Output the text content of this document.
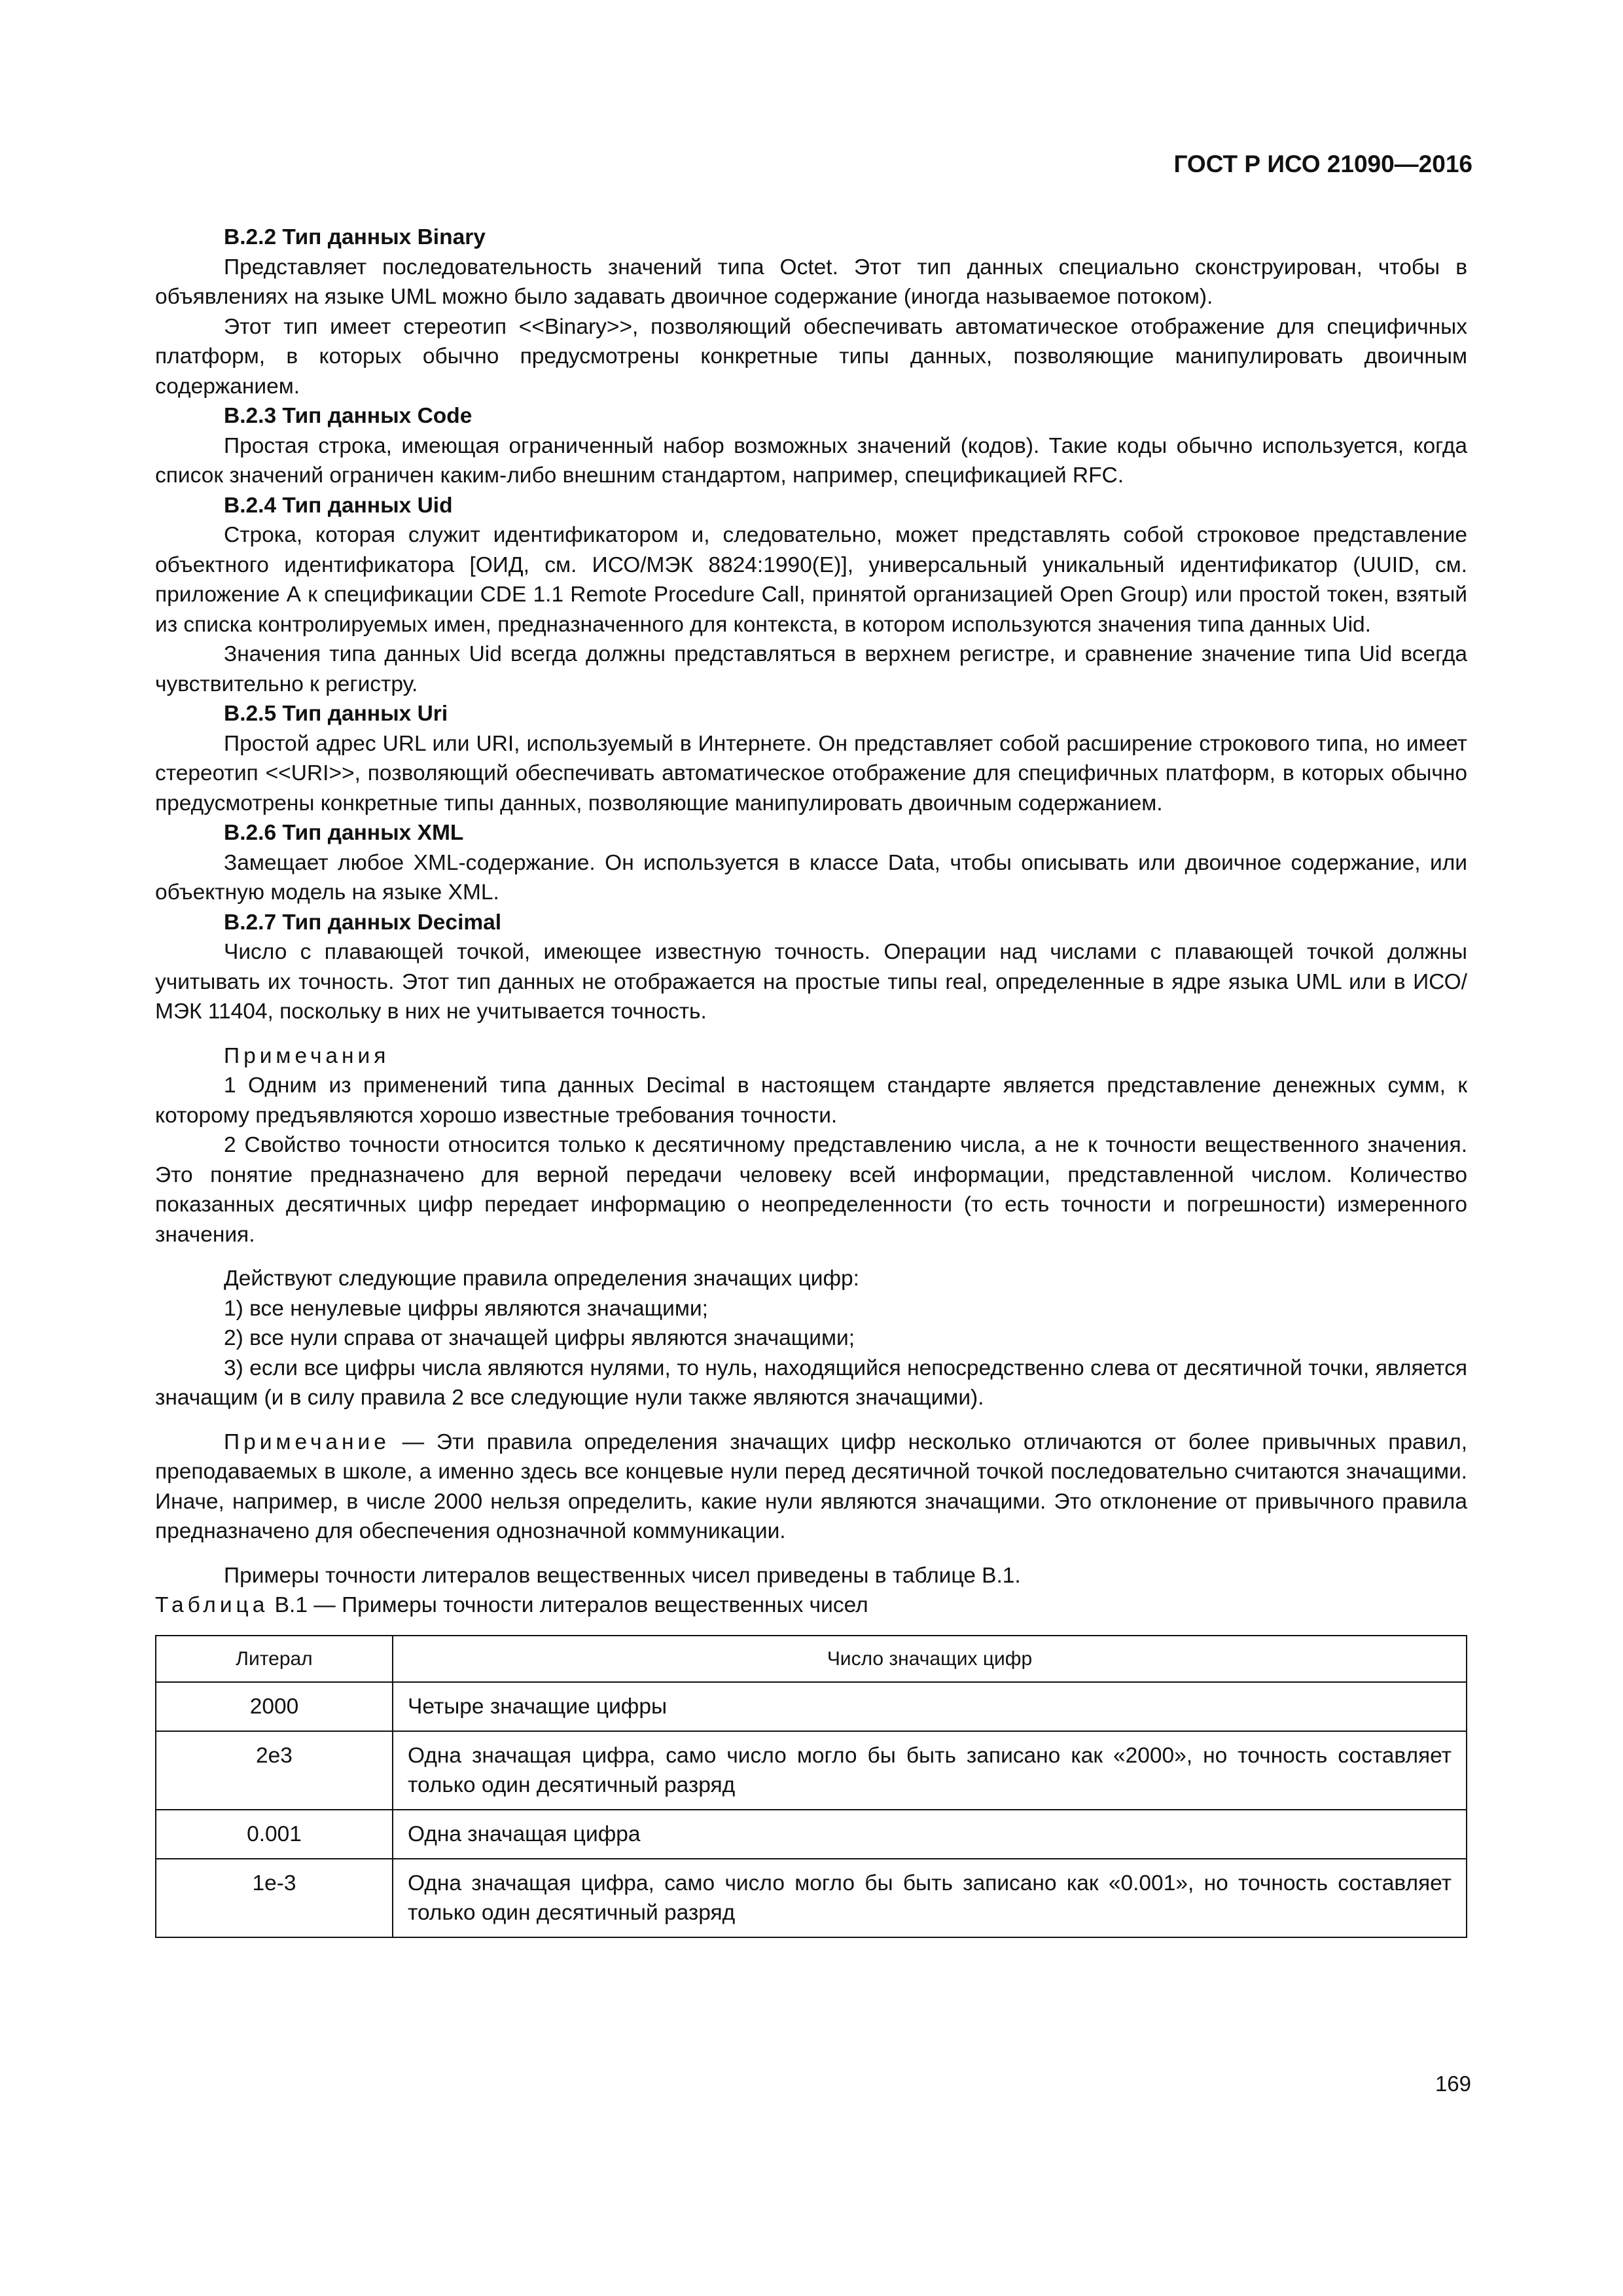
ГОСТ Р ИСО 21090—2016

B.2.2 Тип данных Binary

Представляет последовательность значений типа Octet. Этот тип данных специально сконструирован, чтобы в объявлениях на языке UML можно было задавать двоичное содержание (иногда называемое потоком).

Этот тип имеет стереотип <<Binary>>, позволяющий обеспечивать автоматическое отображение для специфичных платформ, в которых обычно предусмотрены конкретные типы данных, позволяющие манипулировать двоичным содержанием.

B.2.3 Тип данных Code

Простая строка, имеющая ограниченный набор возможных значений (кодов). Такие коды обычно используется, когда список значений ограничен каким-либо внешним стандартом, например, спецификацией RFC.

B.2.4 Тип данных Uid

Строка, которая служит идентификатором и, следовательно, может представлять собой строковое представление объектного идентификатора [ОИД, см. ИСО/МЭК 8824:1990(E)], универсальный уникальный идентификатор (UUID, см. приложение А к спецификации CDE 1.1 Remote Procedure Call, принятой организацией Open Group) или простой токен, взятый из списка контролируемых имен, предназначенного для контекста, в котором используются значения типа данных Uid.

Значения типа данных Uid всегда должны представляться в верхнем регистре, и сравнение значение типа Uid всегда чувствительно к регистру.

B.2.5 Тип данных Uri

Простой адрес URL или URI, используемый в Интернете. Он представляет собой расширение строкового типа, но имеет стереотип <<URI>>, позволяющий обеспечивать автоматическое отображение для специфичных платформ, в которых обычно предусмотрены конкретные типы данных, позволяющие манипулировать двоичным содержанием.

B.2.6 Тип данных XML

Замещает любое XML-содержание. Он используется в классе Data, чтобы описывать или двоичное содержание, или объектную модель на языке XML.

B.2.7 Тип данных Decimal

Число с плавающей точкой, имеющее известную точность. Операции над числами с плавающей точкой должны учитывать их точность. Этот тип данных не отображается на простые типы real, определенные в ядре языка UML или в ИСО/МЭК 11404, поскольку в них не учитывается точность.

Примечания

1 Одним из применений типа данных Decimal в настоящем стандарте является представление денежных сумм, к которому предъявляются хорошо известные требования точности.

2 Свойство точности относится только к десятичному представлению числа, а не к точности вещественного значения. Это понятие предназначено для верной передачи человеку всей информации, представленной числом. Количество показанных десятичных цифр передает информацию о неопределенности (то есть точности и погрешности) измеренного значения.

Действуют следующие правила определения значащих цифр:

1) все ненулевые цифры являются значащими;

2) все нули справа от значащей цифры являются значащими;

3) если все цифры числа являются нулями, то нуль, находящийся непосредственно слева от десятичной точки, является значащим (и в силу правила 2 все следующие нули также являются значащими).

Примечание — Эти правила определения значащих цифр несколько отличаются от более привычных правил, преподаваемых в школе, а именно здесь все концевые нули перед десятичной точкой последовательно считаются значащими. Иначе, например, в числе 2000 нельзя определить, какие нули являются значащими. Это отклонение от привычного правила предназначено для обеспечения однозначной коммуникации.

Примеры точности литералов вещественных чисел приведены в таблице В.1.

Таблица В.1 — Примеры точности литералов вещественных чисел

Литерал	Число значащих цифр
2000	Четыре значащие цифры
2e3	Одна значащая цифра, само число могло бы быть записано как «2000», но точность составляет только один десятичный разряд
0.001	Одна значащая цифра
1e-3	Одна значащая цифра, само число могло бы быть записано как «0.001», но точность составляет только один десятичный разряд
169
